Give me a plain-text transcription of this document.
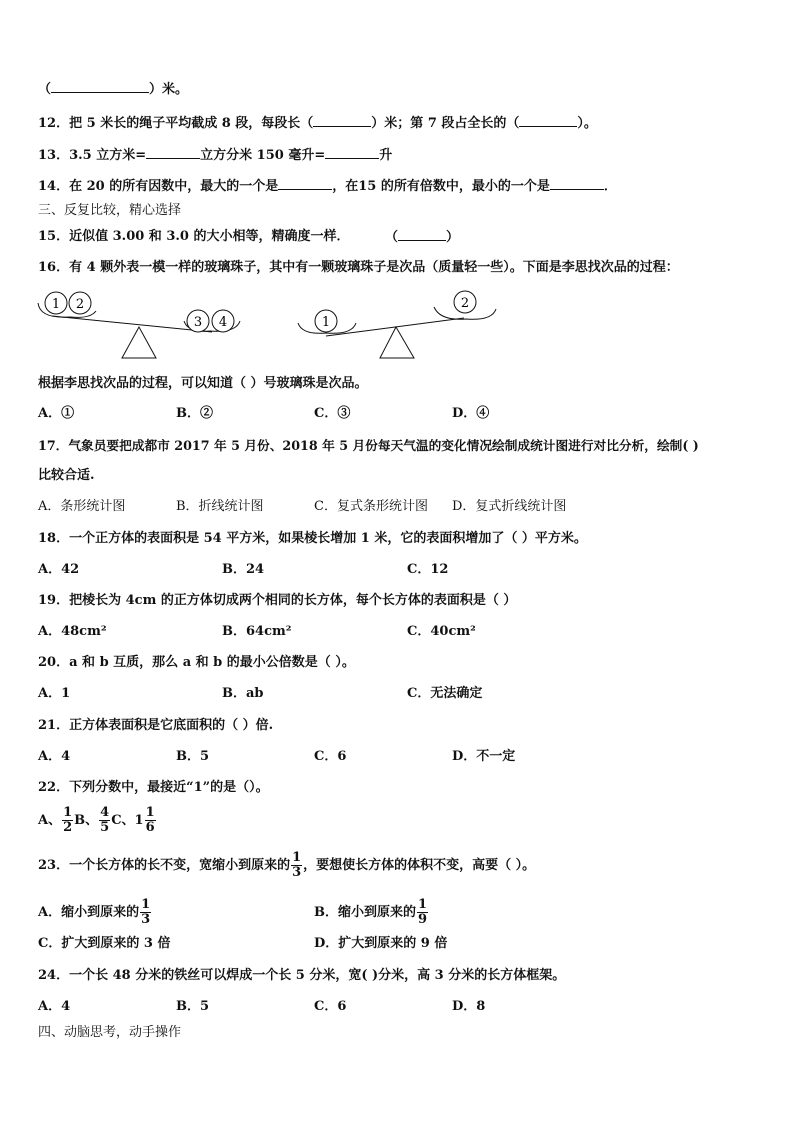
（	）米。
12．把 5 米长的绳子平均截成 8 段，每段长（	）米；第 7 段占全长的（	）。
13．3.5 立方米=	立方分米 150 毫升=	升
14．在 20 的所有因数中，最大的一个是	，在15 的所有倍数中，最小的一个是	．
三、反复比较，精心选择
15．近似值 3.00 和 3.0 的大小相等，精确度一样．	（	）
16．有 4 颗外表一模一样的玻璃珠子，其中有一颗玻璃珠子是次品（质量轻一些）。下面是李思找次品的过程：
1 2
3 4	1
2
根据李思找次品的过程，可以知道（ ）号玻璃珠是次品。
A．①	B．②	C．③	D．④
17．气象员要把成都市 2017 年 5 月份、2018 年 5 月份每天气温的变化情况绘制成统计图进行对比分析，绘制( )
比较合适.
A．条形统计图	B．折线统计图	C．复式条形统计图 D．复式折线统计图
18．一个正方体的表面积是 54 平方米，如果棱长增加 1 米，它的表面积增加了（ ）平方米。
A．42	B．24	C．12
19．把棱长为 4cm 的正方体切成两个相同的长方体，每个长方体的表面积是（ ）
A．48cm²	B．64cm²	C．40cm²
20．a 和 b 互质，那么 a 和 b 的最小公倍数是（ ）。
A．1	B．ab	C．无法确定
21．正方体表面积是它底面积的（ ）倍.
A．4	B．5	C．6	D．不一定
22．下列分数中，最接近“1”的是（）。
A、 $\frac{1}{2}$ B、 $\frac{4}{5}$ C、$1 \frac{1}{6}$
23．一个长方体的长不变，宽缩小到原来的 $\frac{1}{3}$ ，要想使长方体的体积不变，高要（ ）。
A．缩小到原来的 $\frac{1}{3}$	B．缩小到原来的 $\frac{1}{9}$
C．扩大到原来的 3 倍	D．扩大到原来的 9 倍
24．一个长 48 分米的铁丝可以焊成一个长 5 分米，宽( )分米，高 3 分米的长方体框架。
A．4	B．5	C．6	D．8
四、动脑思考，动手操作
